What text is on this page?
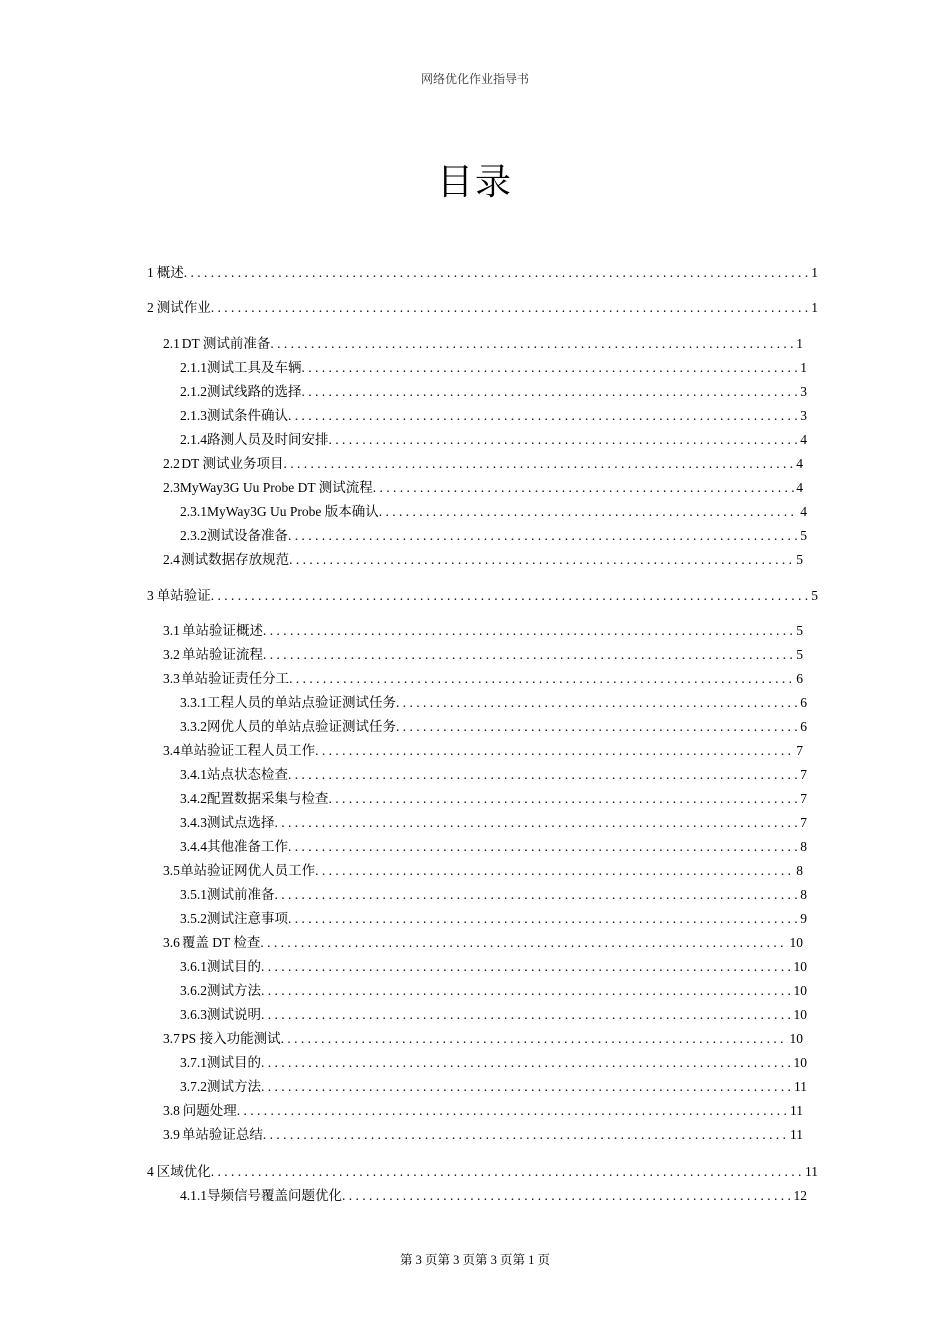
网络优化作业指导书
目录
1 概述 . . .	1
2 测试作业 . . .	1
2.1 DT 测试前准备 . . .	1
2.1.1 测试工具及车辆 . . .	1
2.1.2 测试线路的选择 . . .	3
2.1.3 测试条件确认 . . .	3
2.1.4 路测人员及时间安排 . . .	4
2.2 DT 测试业务项目 . . .	4
2.3 MyWay3G Uu Probe DT 测试流程 . . .	4
2.3.1 MyWay3G Uu Probe 版本确认 . . .	4
2.3.2 测试设备准备 . . .	5
2.4 测试数据存放规范 . . .	5
3 单站验证 . . .	5
3.1 单站验证概述 . . .	5
3.2 单站验证流程 . . .	5
3.3 单站验证责任分工 . . .	6
3.3.1 工程人员的单站点验证测试任务 . . .	6
3.3.2 网优人员的单站点验证测试任务 . . .	6
3.4 单站验证工程人员工作 . . .	7
3.4.1 站点状态检查 . . .	7
3.4.2 配置数据采集与检查 . . .	7
3.4.3 测试点选择 . . .	7
3.4.4 其他准备工作 . . .	8
3.5 单站验证网优人员工作 . . .	8
3.5.1 测试前准备 . . .	8
3.5.2 测试注意事项 . . .	9
3.6 覆盖 DT 检查 . . .	10
3.6.1 测试目的 . . .	10
3.6.2 测试方法 . . .	10
3.6.3 测试说明 . . .	10
3.7 PS 接入功能测试 . . .	10
3.7.1 测试目的 . . .	10
3.7.2 测试方法 . . .	11
3.8 问题处理 . . .	11
3.9 单站验证总结 . . .	11
4 区域优化 . . .	11
4.1.1 导频信号覆盖问题优化 . . .	12
第 3 页第 3 页第 3 页第 1 页
